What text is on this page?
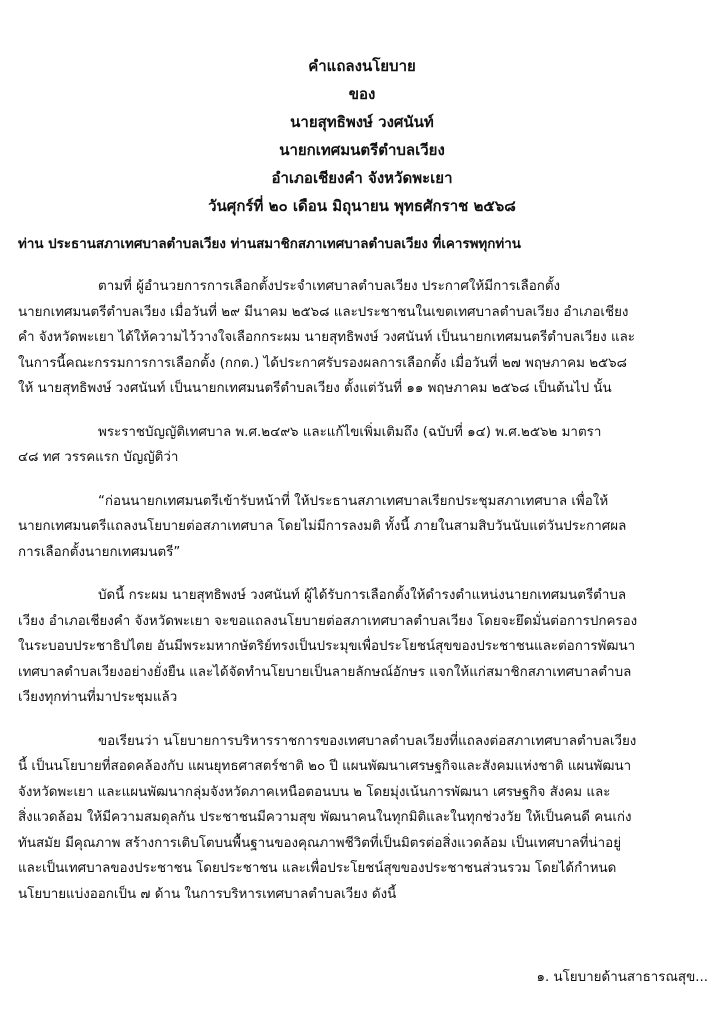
คำแถลงนโยบาย
ของ
นายสุทธิพงษ์ วงศนันท์
นายกเทศมนตรีตำบลเวียง
อำเภอเชียงคำ จังหวัดพะเยา
วันศุกร์ที่ ๒๐ เดือน มิถุนายน พุทธศักราช ๒๕๖๘
ท่าน ประธานสภาเทศบาลตำบลเวียง ท่านสมาชิกสภาเทศบาลตำบลเวียง ที่เคารพทุกท่าน

ตามที่ ผู้อำนวยการการเลือกตั้งประจำเทศบาลตำบลเวียง ประกาศให้มีการเลือกตั้ง
นายกเทศมนตรีตำบลเวียง เมื่อวันที่ ๒๙ มีนาคม ๒๕๖๘ และประชาชนในเขตเทศบาลตำบลเวียง อำเภอเชียง
คำ จังหวัดพะเยา ได้ให้ความไว้วางใจเลือกกระผม นายสุทธิพงษ์ วงศนันท์ เป็นนายกเทศมนตรีตำบลเวียง และ
ในการนี้คณะกรรมการการเลือกตั้ง (กกต.) ได้ประกาศรับรองผลการเลือกตั้ง เมื่อวันที่ ๒๗ พฤษภาคม ๒๕๖๘
ให้ นายสุทธิพงษ์ วงศนันท์ เป็นนายกเทศมนตรีตำบลเวียง ตั้งแต่วันที่ ๑๑ พฤษภาคม ๒๕๖๘ เป็นต้นไป นั้น

พระราชบัญญัติเทศบาล พ.ศ.๒๔๙๖ และแก้ไขเพิ่มเติมถึง (ฉบับที่ ๑๔) พ.ศ.๒๕๖๒ มาตรา
๔๘ ทศ วรรคแรก บัญญัติว่า

“ก่อนนายกเทศมนตรีเข้ารับหน้าที่ ให้ประธานสภาเทศบาลเรียกประชุมสภาเทศบาล เพื่อให้
นายกเทศมนตรีแถลงนโยบายต่อสภาเทศบาล โดยไม่มีการลงมติ ทั้งนี้ ภายในสามสิบวันนับแต่วันประกาศผล
การเลือกตั้งนายกเทศมนตรี”

บัดนี้ กระผม นายสุทธิพงษ์ วงศนันท์ ผู้ได้รับการเลือกตั้งให้ดำรงตำแหน่งนายกเทศมนตรีตำบล
เวียง อำเภอเชียงคำ จังหวัดพะเยา จะขอแถลงนโยบายต่อสภาเทศบาลตำบลเวียง โดยจะยึดมั่นต่อการปกครอง
ในระบอบประชาธิปไตย อันมีพระมหากษัตริย์ทรงเป็นประมุขเพื่อประโยชน์สุขของประชาชนและต่อการพัฒนา
เทศบาลตำบลเวียงอย่างยั่งยืน และได้จัดทำนโยบายเป็นลายลักษณ์อักษร แจกให้แก่สมาชิกสภาเทศบาลตำบล
เวียงทุกท่านที่มาประชุมแล้ว

ขอเรียนว่า นโยบายการบริหารราชการของเทศบาลตำบลเวียงที่แถลงต่อสภาเทศบาลตำบลเวียง
นี้ เป็นนโยบายที่สอดคล้องกับ แผนยุทธศาสตร์ชาติ ๒๐ ปี แผนพัฒนาเศรษฐกิจและสังคมแห่งชาติ แผนพัฒนา
จังหวัดพะเยา และแผนพัฒนากลุ่มจังหวัดภาคเหนือตอนบน ๒ โดยมุ่งเน้นการพัฒนา เศรษฐกิจ สังคม และ
สิ่งแวดล้อม ให้มีความสมดุลกัน ประชาชนมีความสุข พัฒนาคนในทุกมิติและในทุกช่วงวัย ให้เป็นคนดี คนเก่ง
ทันสมัย มีคุณภาพ สร้างการเติบโตบนพื้นฐานของคุณภาพชีวิตที่เป็นมิตรต่อสิ่งแวดล้อม เป็นเทศบาลที่น่าอยู่
และเป็นเทศบาลของประชาชน โดยประชาชน และเพื่อประโยชน์สุขของประชาชนส่วนรวม โดยได้กำหนด
นโยบายแบ่งออกเป็น ๗ ด้าน ในการบริหารเทศบาลตำบลเวียง ดังนี้

๑. นโยบายด้านสาธารณสุข...
